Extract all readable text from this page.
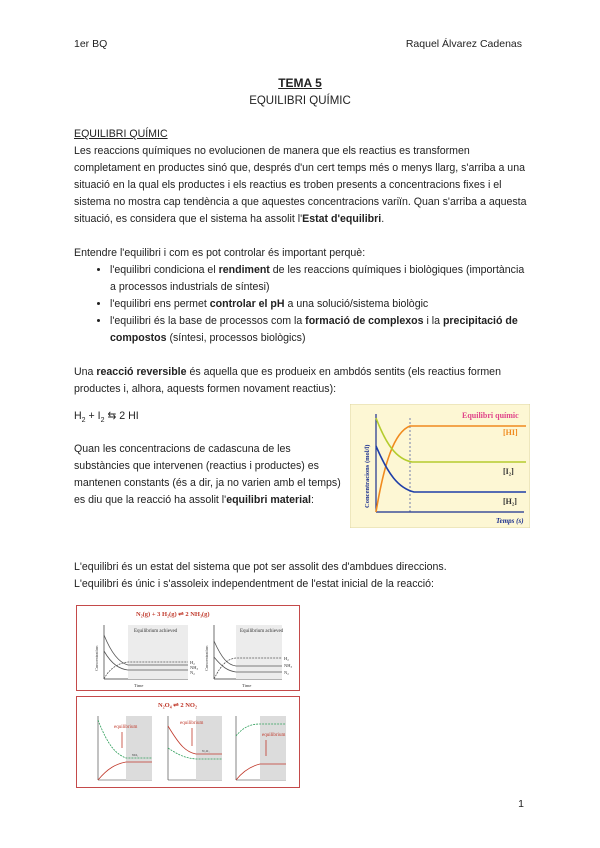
1er BQ	Raquel Álvarez Cadenas
TEMA 5
EQUILIBRI QUÍMIC

EQUILIBRI QUÍMIC

Les reaccions químiques no evolucionen de manera que els reactius es transformen completament en productes sinó que, després d'un cert temps més o menys llarg, s'arriba a una situació en la qual els productes i els reactius es troben presents a concentracions fixes i el sistema no mostra cap tendència a que aquestes concentracions variïn. Quan s'arriba a aquesta situació, es considera que el sistema ha assolit l'Estat d'equilibri.

Entendre l'equilibri i com es pot controlar és important perquè:

• l'equilibri condiciona el rendiment de les reaccions químiques i biològiques (importància a processos industrials de síntesi)
• l'equilibri ens permet controlar el pH a una solució/sistema biològic
• l'equilibri és la base de processos com la formació de complexos i la precipitació de compostos (síntesi, processos biològics)

Una reacció reversible és aquella que es produeix en ambdós sentits (els reactius formen productes i, alhora, aquests formen novament reactius):

$H_2 + I_2$ ⇆ 2 HI

Quan les concentracions de cadascuna de les substàncies que intervenen (reactius i productes) es mantenen constants (és a dir, ja no varien amb el temps) es diu que la reacció ha assolit l'equilibri material:

Equilibri químic
[HI]
[I₂]
[H₂]
Temps (s)
Concentracions (mol/l)
L'equilibri és un estat del sistema que pot ser assolit des d'ambdues direccions.
L'equilibri és únic i s'assoleix independentment de l'estat inicial de la reacció:
N₂(g) + 3 H₂(g) ⇌ 2 NH₃(g)
Equilibrium achieved
H₂
NH₃
N₂
Concentration
Time
Equilibrium achieved
H₂
NH₃
N₂
Concentration
Time
N₂O₄ ⇌ 2 NO₂
equilibrium
NO₂
equilibrium
N₂O₄
equilibrium
1
